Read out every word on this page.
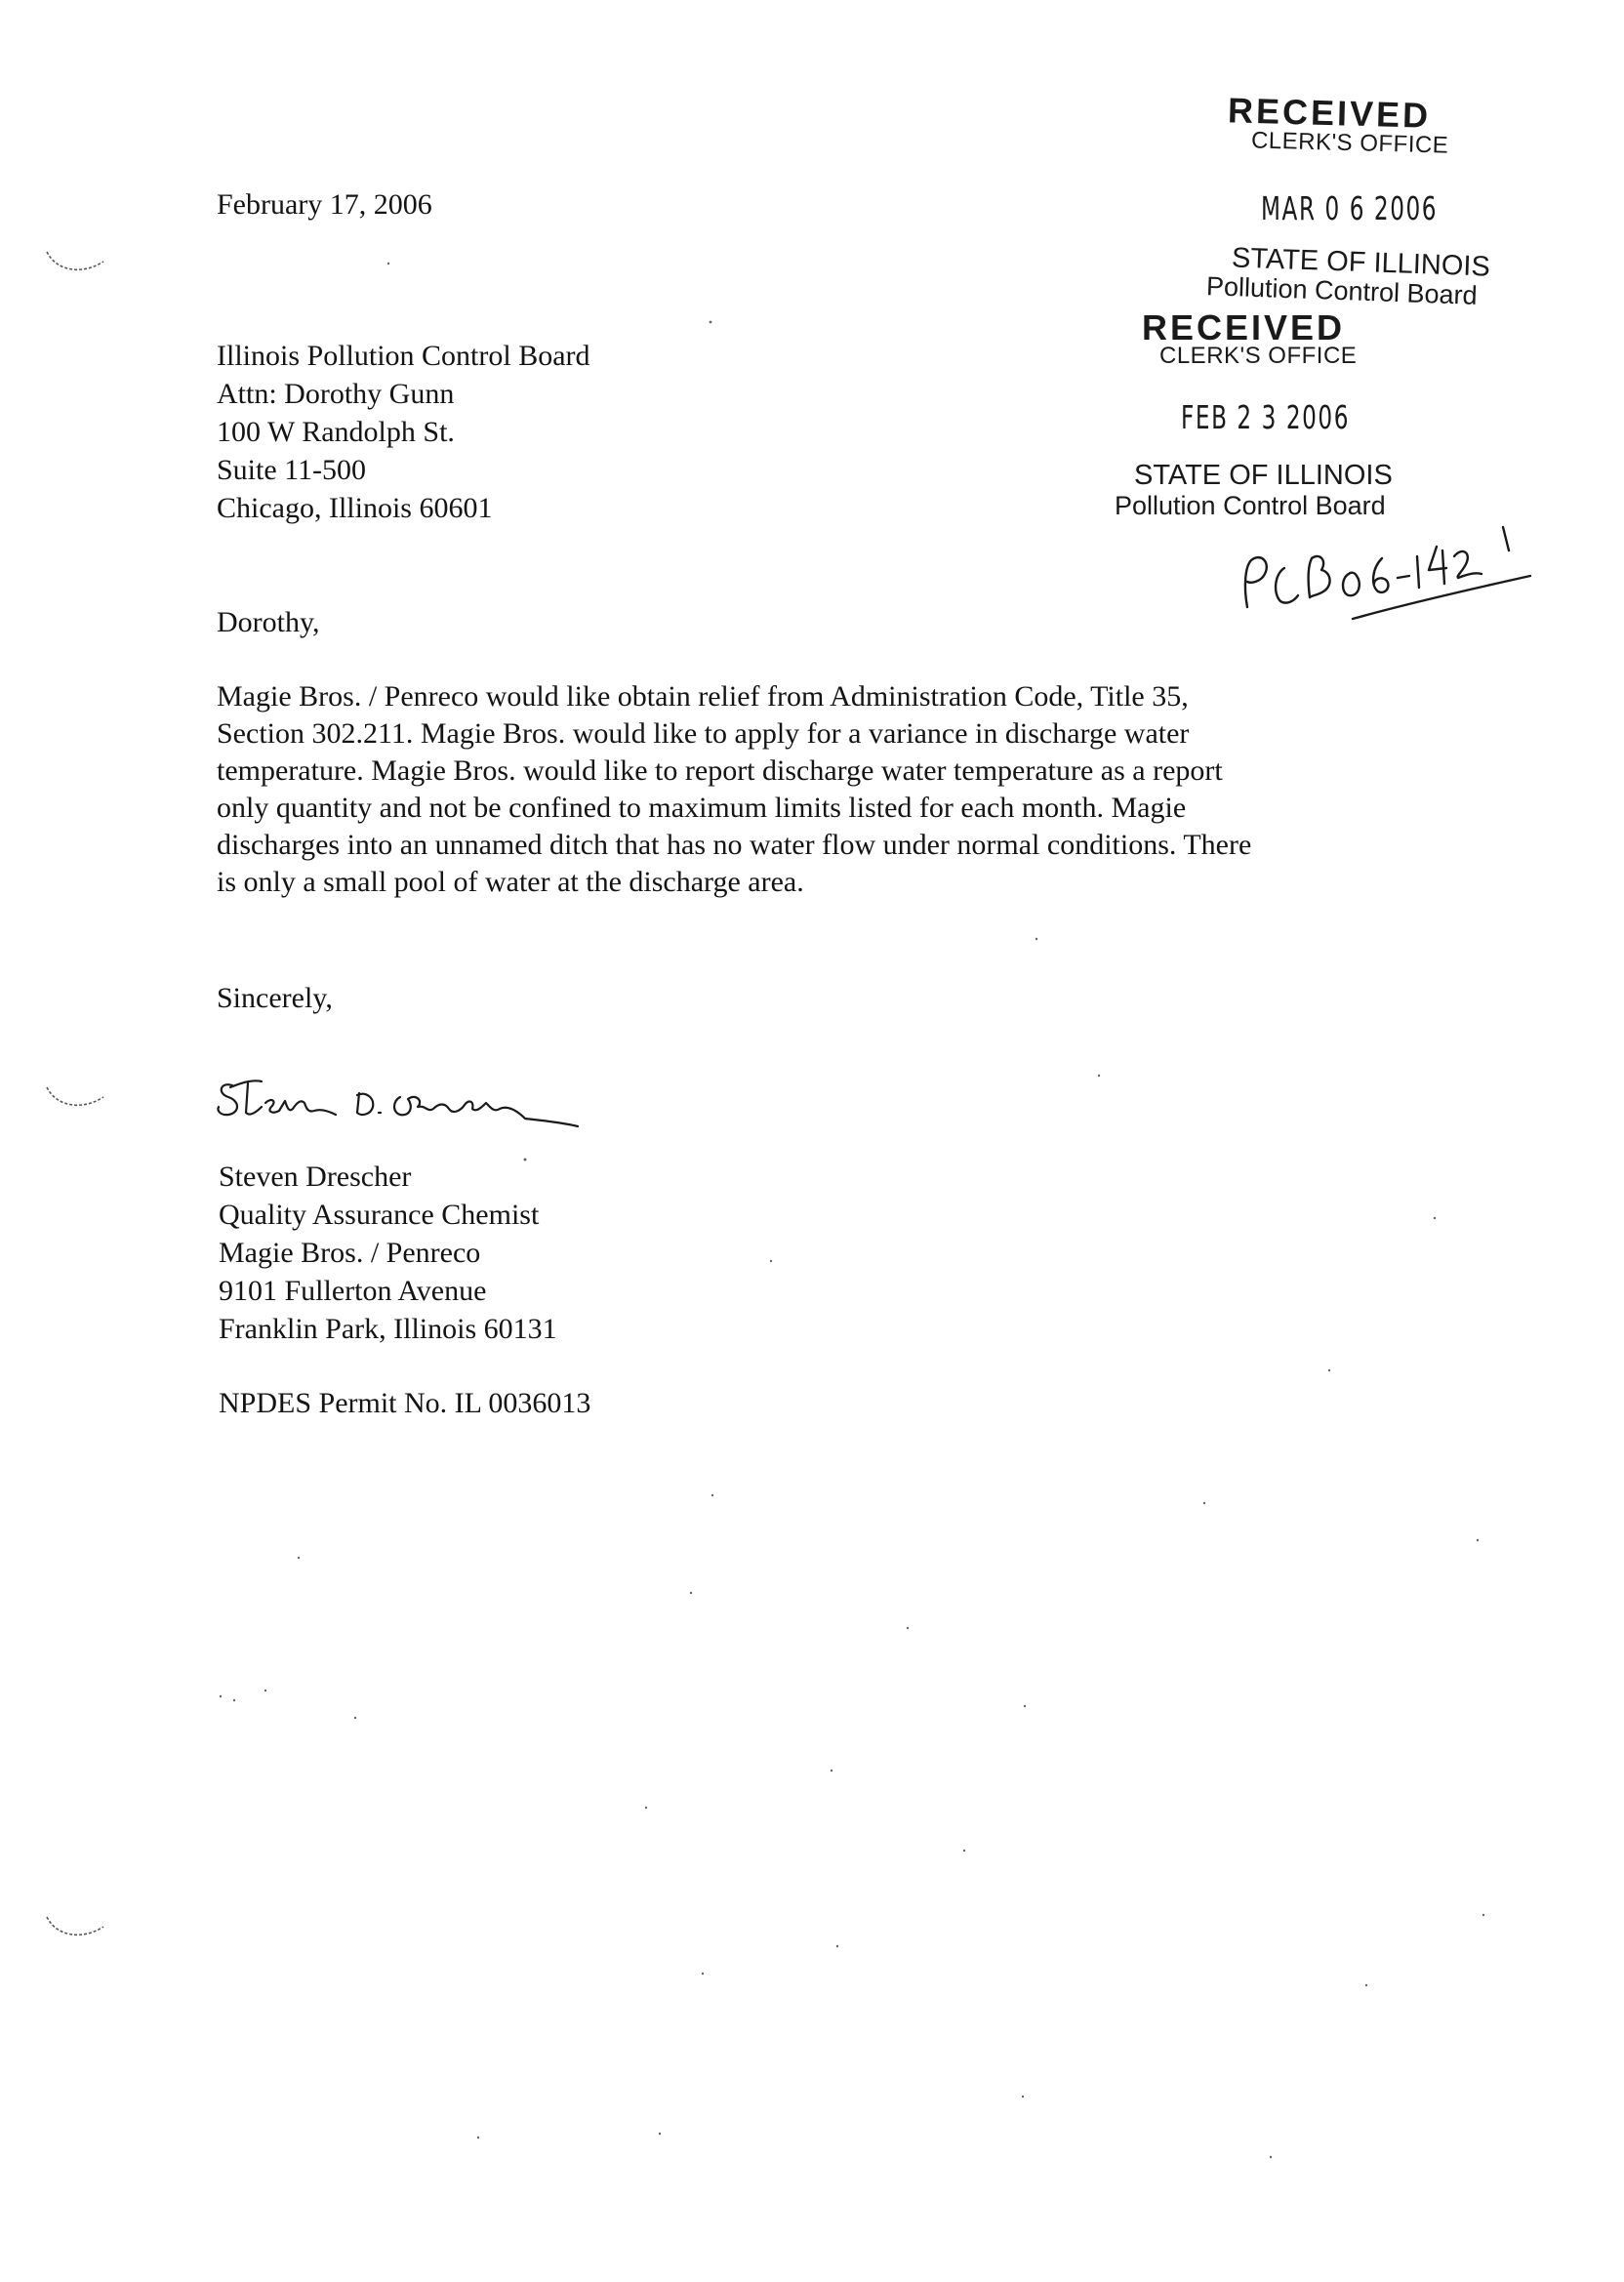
RECEIVED
CLERK'S OFFICE
MAR 0 6 2006
STATE OF ILLINOIS
Pollution Control Board
RECEIVED
CLERK'S OFFICE
FEB 2 3 2006
STATE OF ILLINOIS
Pollution Control Board
February 17, 2006
Illinois Pollution Control Board
Attn: Dorothy Gunn
100 W Randolph St.
Suite 11-500
Chicago, Illinois 60601
Dorothy,
Magie Bros. / Penreco would like obtain relief from Administration Code, Title 35,
Section 302.211. Magie Bros. would like to apply for a variance in discharge water
temperature. Magie Bros. would like to report discharge water temperature as a report
only quantity and not be confined to maximum limits listed for each month. Magie
discharges into an unnamed ditch that has no water flow under normal conditions. There
is only a small pool of water at the discharge area.
Sincerely,
Steven Drescher
Quality Assurance Chemist
Magie Bros. / Penreco
9101 Fullerton Avenue
Franklin Park, Illinois 60131
NPDES Permit No. IL 0036013
